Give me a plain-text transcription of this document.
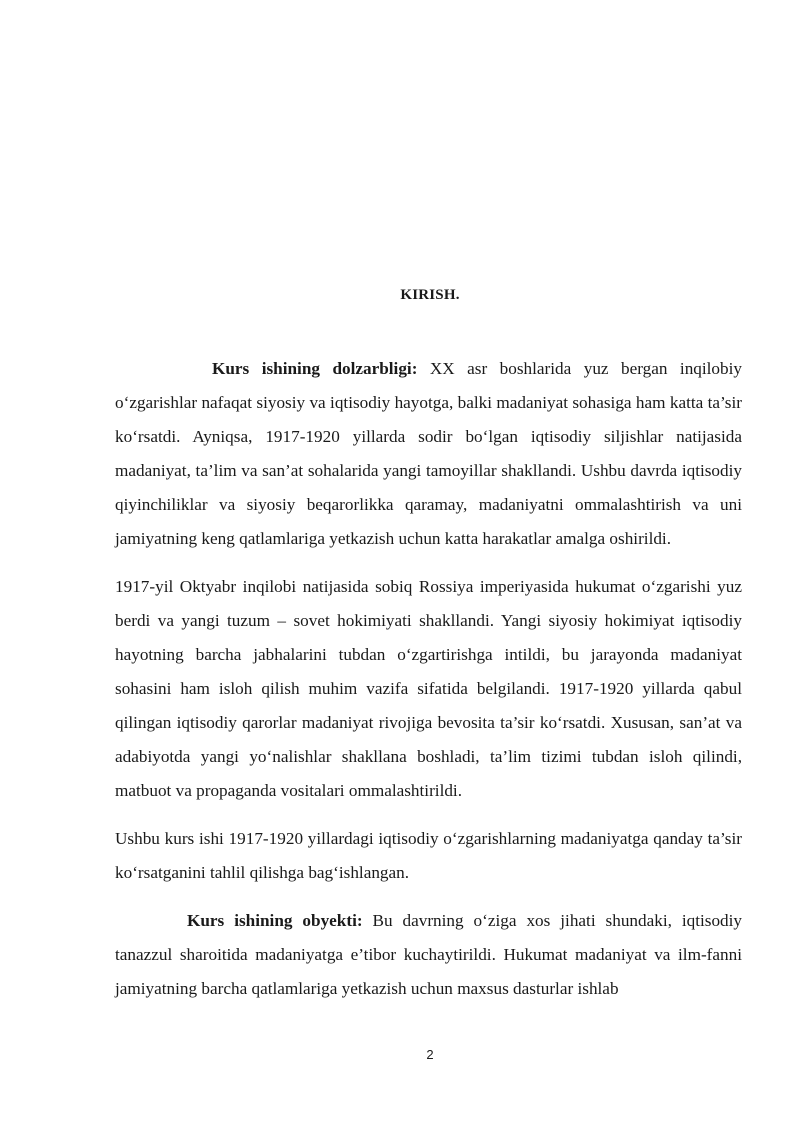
KIRISH.

Kurs ishining dolzarbligi: XX asr boshlarida yuz bergan inqilobiy o‘zgarishlar nafaqat siyosiy va iqtisodiy hayotga, balki madaniyat sohasiga ham katta ta’sir ko‘rsatdi. Ayniqsa, 1917-1920 yillarda sodir bo‘lgan iqtisodiy siljishlar natijasida madaniyat, ta’lim va san’at sohalarida yangi tamoyillar shakllandi. Ushbu davrda iqtisodiy qiyinchiliklar va siyosiy beqarorlikka qaramay, madaniyatni ommalashtirish va uni jamiyatning keng qatlamlariga yetkazish uchun katta harakatlar amalga oshirildi.

1917-yil Oktyabr inqilobi natijasida sobiq Rossiya imperiyasida hukumat o‘zgarishi yuz berdi va yangi tuzum – sovet hokimiyati shakllandi. Yangi siyosiy hokimiyat iqtisodiy hayotning barcha jabhalarini tubdan o‘zgartirishga intildi, bu jarayonda madaniyat sohasini ham isloh qilish muhim vazifa sifatida belgilandi. 1917-1920 yillarda qabul qilingan iqtisodiy qarorlar madaniyat rivojiga bevosita ta’sir ko‘rsatdi. Xususan, san’at va adabiyotda yangi yo‘nalishlar shakllana boshladi, ta’lim tizimi tubdan isloh qilindi, matbuot va propaganda vositalari ommalashtirildi.

Ushbu kurs ishi 1917-1920 yillardagi iqtisodiy o‘zgarishlarning madaniyatga qanday ta’sir ko‘rsatganini tahlil qilishga bag‘ishlangan.

Kurs ishining obyekti: Bu davrning o‘ziga xos jihati shundaki, iqtisodiy tanazzul sharoitida madaniyatga e’tibor kuchaytirildi. Hukumat madaniyat va ilm-fanni jamiyatning barcha qatlamlariga yetkazish uchun maxsus dasturlar ishlab

2
